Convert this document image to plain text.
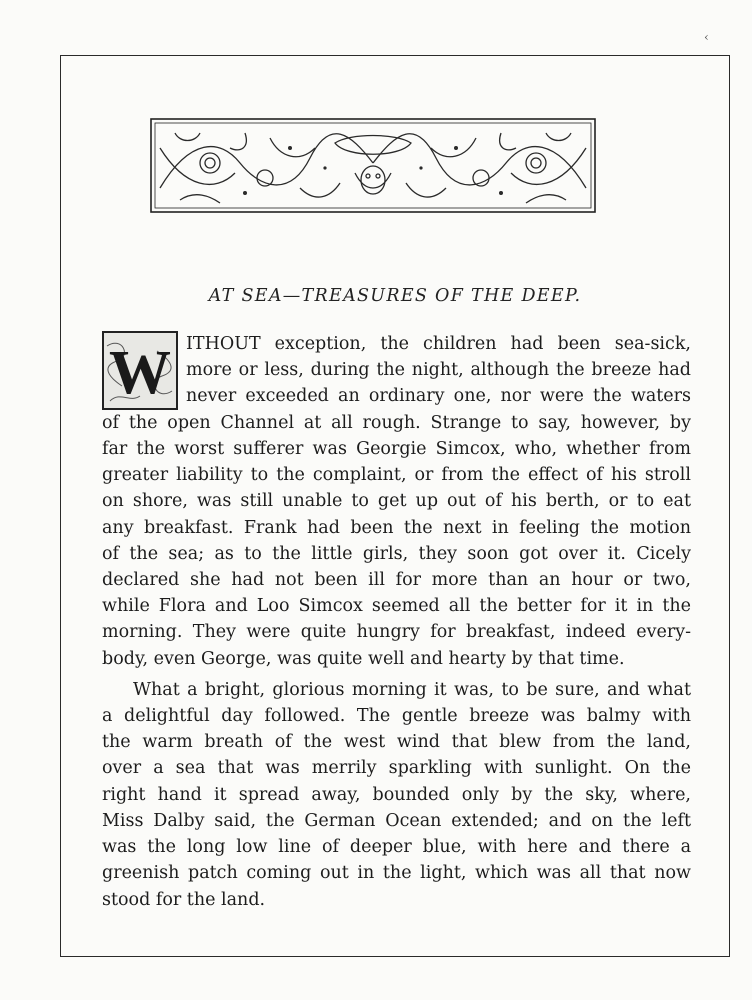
‹
AT SEA—TREASURES OF THE DEEP.
W ITHOUT exception, the children had been sea-sick,
more or less, during the night, although the breeze had
never exceeded an ordinary one, nor were the waters
of the open Channel at all rough. Strange to say, however, by
far the worst sufferer was Georgie Simcox, who, whether from
greater liability to the complaint, or from the effect of his stroll
on shore, was still unable to get up out of his berth, or to eat
any breakfast. Frank had been the next in feeling the motion
of the sea; as to the little girls, they soon got over it. Cicely
declared she had not been ill for more than an hour or two,
while Flora and Loo Simcox seemed all the better for it in the
morning. They were quite hungry for breakfast, indeed every-
body, even George, was quite well and hearty by that time.
What a bright, glorious morning it was, to be sure, and what
a delightful day followed. The gentle breeze was balmy with
the warm breath of the west wind that blew from the land,
over a sea that was merrily sparkling with sunlight. On the
right hand it spread away, bounded only by the sky, where,
Miss Dalby said, the German Ocean extended; and on the left
was the long low line of deeper blue, with here and there a
greenish patch coming out in the light, which was all that now
stood for the land.
